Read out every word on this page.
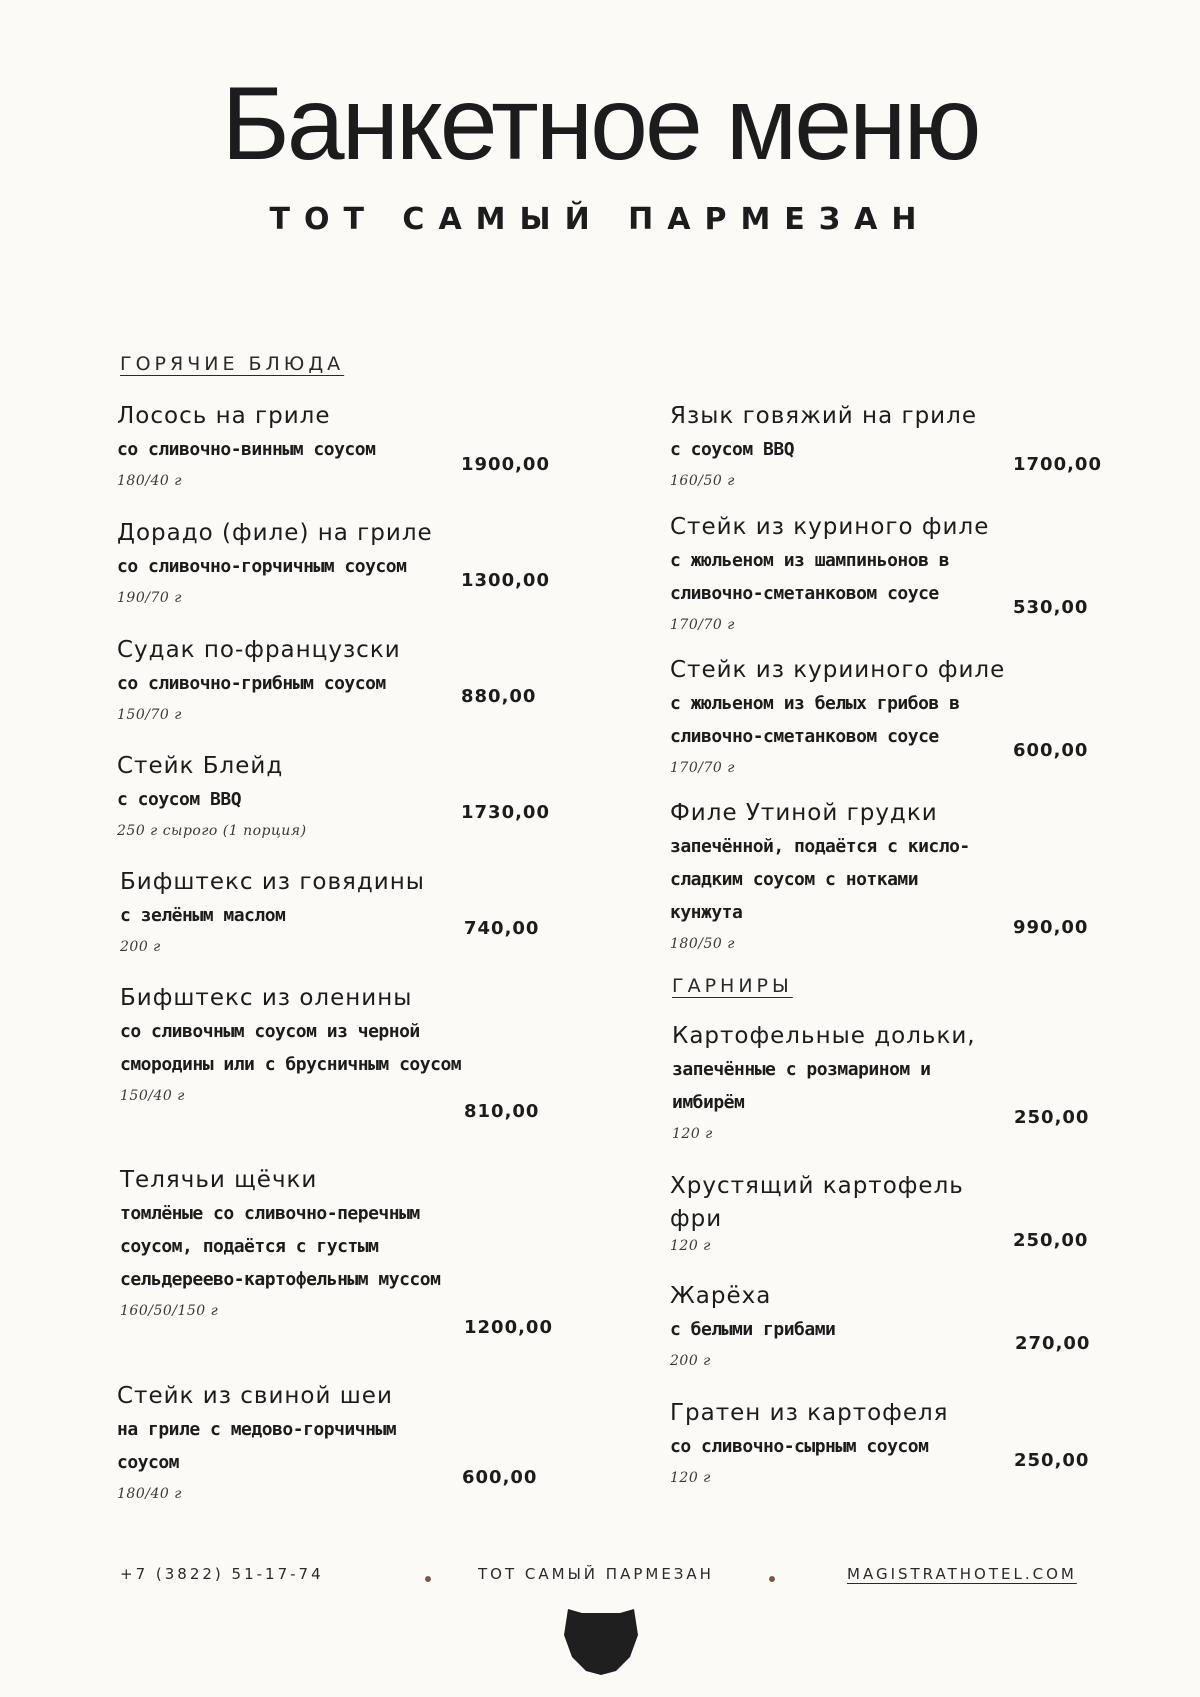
Банкетное меню
ТОТ САМЫЙ ПАРМЕЗАН
ГОРЯЧИЕ БЛЮДА
Лосось на гриле
со сливочно-винным соусом
180/40 г
1900,00
Дорадо (филе) на гриле
со сливочно-горчичным соусом
190/70 г
1300,00
Судак по-французски
со сливочно-грибным соусом
150/70 г
880,00
Стейк Блейд
с соусом BBQ
250 г сырого (1 порция)
1730,00
Бифштекс из говядины
с зелёным маслом
200 г
740,00
Бифштекс из оленины
со сливочным соусом из черной смородины или с брусничным соусом
150/40 г
810,00
Телячьи щёчки
томлёные со сливочно-перечным соусом, подаётся с густым сельдереево-картофельным муссом
160/50/150 г
1200,00
Стейк из свиной шеи
на гриле с медово-горчичным соусом
180/40 г
600,00
Язык говяжий на гриле
с соусом BBQ
160/50 г
1700,00
Стейк из куриного филе
с жюльеном из шампиньонов в сливочно-сметанковом соусе
170/70 г
530,00
Стейк из курииного филе
с жюльеном из белых грибов в сливочно-сметанковом соусе
170/70 г
600,00
Филе Утиной грудки
запечённой, подаётся с кисло-сладким соусом с нотками кунжута
180/50 г
990,00
ГАРНИРЫ
Картофельные дольки,
запечённые с розмарином и имбирём
120 г
250,00
Хрустящий картофель фри
120 г	250,00
Жарёха
с белыми грибами
200 г
270,00
Гратен из картофеля
со сливочно-сырным соусом
120 г
250,00
+7 (3822) 51-17-74	ТОТ САМЫЙ ПАРМЕЗАН	MAGISTRATHOTEL.COM
